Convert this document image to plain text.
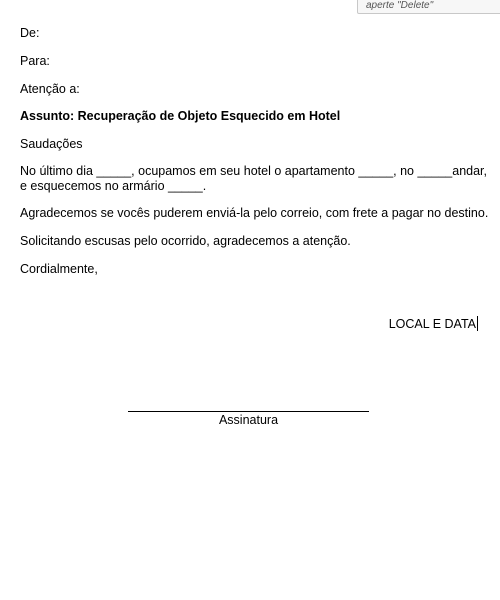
aperte "Delete"
De:
Para:
Atenção a:
Assunto: Recuperação de Objeto Esquecido em Hotel
Saudações
No último dia _____, ocupamos em seu hotel o apartamento _____, no _____ andar,
e esquecemos no armário _____.
Agradecemos se vocês puderem enviá-la pelo correio, com frete a pagar no destino.
Solicitando escusas pelo ocorrido, agradecemos a atenção.
Cordialmente,
LOCAL E DATA
Assinatura
